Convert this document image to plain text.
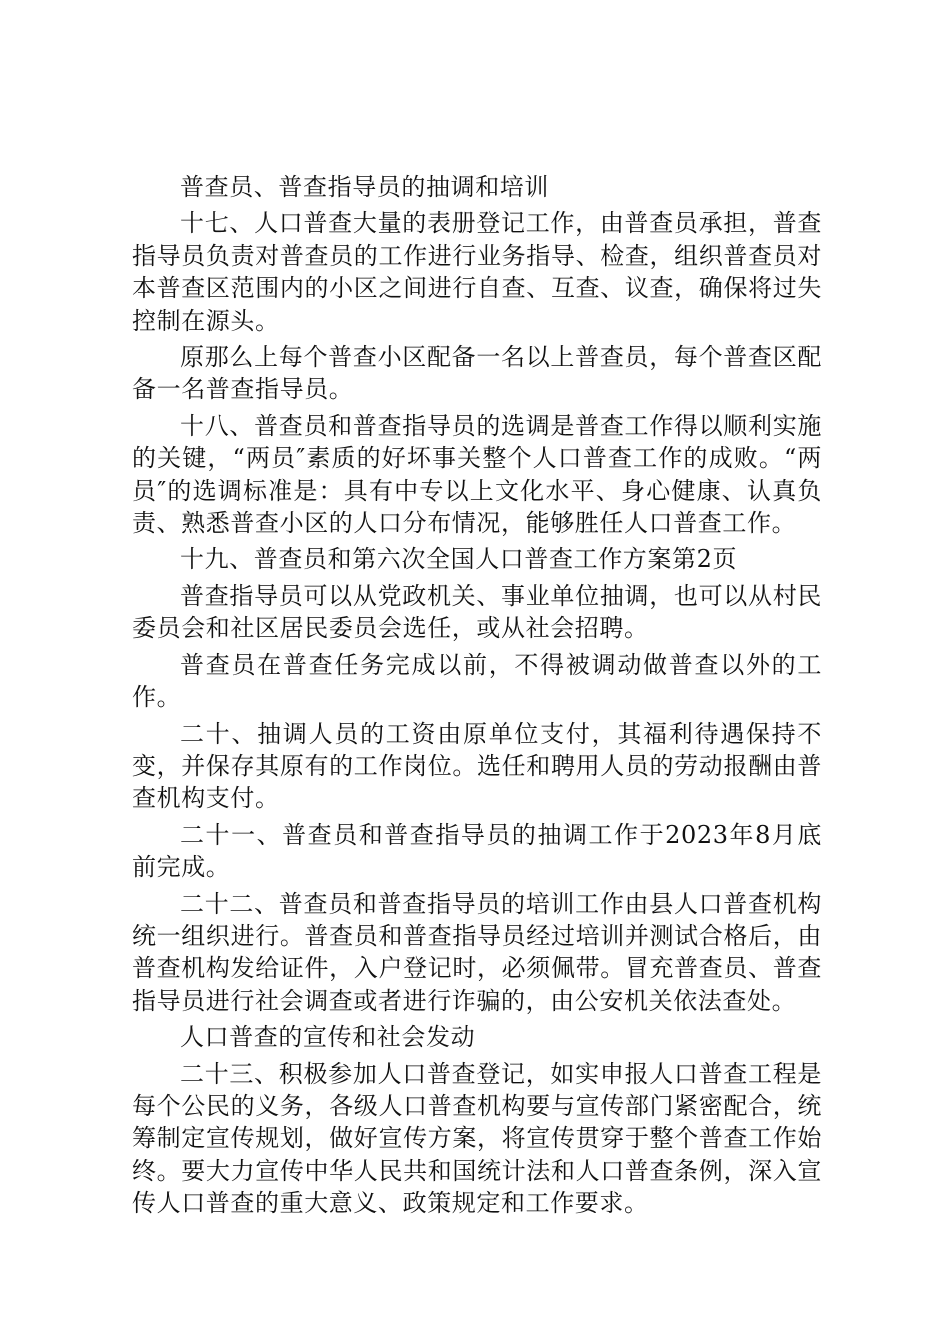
普查员、普查指导员的抽调和培训

十七、人口普查大量的表册登记工作，由普查员承担，普查指导员负责对普查员的工作进行业务指导、检查，组织普查员对本普查区范围内的小区之间进行自查、互查、议查，确保将过失控制在源头。

原那么上每个普查小区配备一名以上普查员，每个普查区配备一名普查指导员。

十八、普查员和普查指导员的选调是普查工作得以顺利实施的关键，“两员″素质的好坏事关整个人口普查工作的成败。“两员″的选调标准是：具有中专以上文化水平、身心健康、认真负责、熟悉普查小区的人口分布情况，能够胜任人口普查工作。

十九、普查员和第六次全国人口普查工作方案第2页

普查指导员可以从党政机关、事业单位抽调，也可以从村民委员会和社区居民委员会选任，或从社会招聘。

普查员在普查任务完成以前，不得被调动做普查以外的工作。

二十、抽调人员的工资由原单位支付，其福利待遇保持不变，并保存其原有的工作岗位。选任和聘用人员的劳动报酬由普查机构支付。

二十一、普查员和普查指导员的抽调工作于2023年8月底前完成。

二十二、普查员和普查指导员的培训工作由县人口普查机构统一组织进行。普查员和普查指导员经过培训并测试合格后，由普查机构发给证件，入户登记时，必须佩带。冒充普查员、普查指导员进行社会调查或者进行诈骗的，由公安机关依法查处。

人口普查的宣传和社会发动

二十三、积极参加人口普查登记，如实申报人口普查工程是每个公民的义务，各级人口普查机构要与宣传部门紧密配合，统筹制定宣传规划，做好宣传方案，将宣传贯穿于整个普查工作始终。要大力宣传中华人民共和国统计法和人口普查条例，深入宣传人口普查的重大意义、政策规定和工作要求。
